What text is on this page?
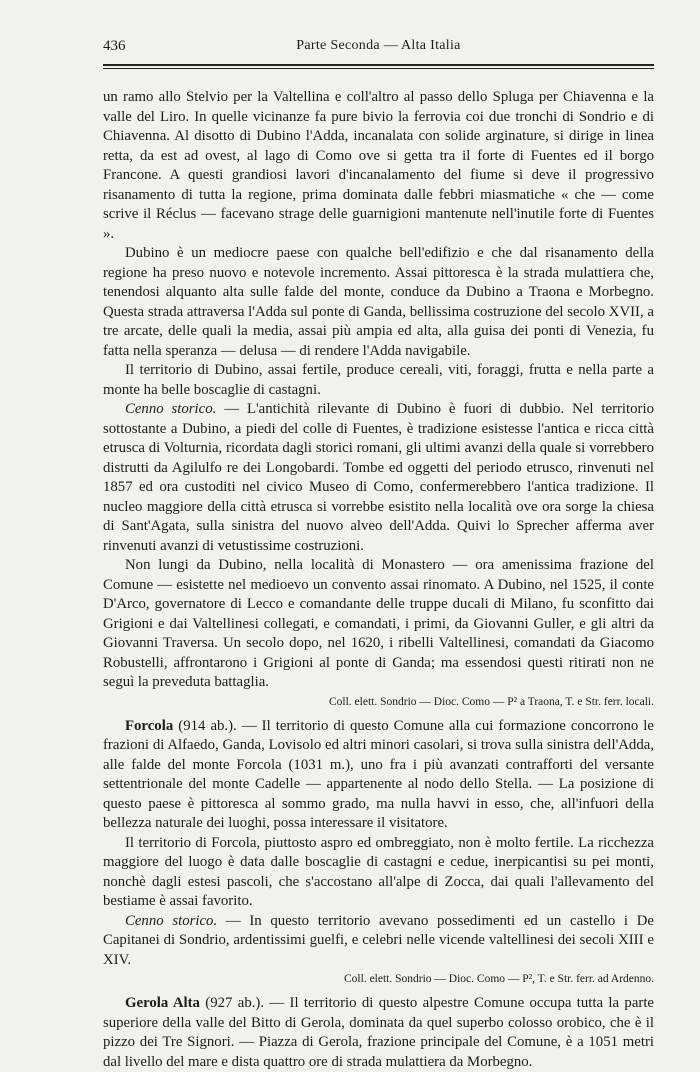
436	Parte Seconda — Alta Italia

un ramo allo Stelvio per la Valtellina e coll'altro al passo dello Spluga per Chiavenna e la valle del Liro. In quelle vicinanze fa pure bivio la ferrovia coi due tronchi di Sondrio e di Chiavenna. Al disotto di Dubino l'Adda, incanalata con solide arginature, si dirige in linea retta, da est ad ovest, al lago di Como ove si getta tra il forte di Fuentes ed il borgo Francone. A questi grandiosi lavori d'incanalamento del fiume si deve il progressivo risanamento di tutta la regione, prima dominata dalle febbri miasmatiche « che — come scrive il Réclus — facevano strage delle guarnigioni mantenute nell'inutile forte di Fuentes ».

Dubino è un mediocre paese con qualche bell'edifizio e che dal risanamento della regione ha preso nuovo e notevole incremento. Assai pittoresca è la strada mulattiera che, tenendosi alquanto alta sulle falde del monte, conduce da Dubino a Traona e Morbegno. Questa strada attraversa l'Adda sul ponte di Ganda, bellissima costruzione del secolo XVII, a tre arcate, delle quali la media, assai più ampia ed alta, alla guisa dei ponti di Venezia, fu fatta nella speranza — delusa — di rendere l'Adda navigabile.

Il territorio di Dubino, assai fertile, produce cereali, viti, foraggi, frutta e nella parte a monte ha belle boscaglie di castagni.

Cenno storico. — L'antichità rilevante di Dubino è fuori di dubbio. Nel territorio sottostante a Dubino, a piedi del colle di Fuentes, è tradizione esistesse l'antica e ricca città etrusca di Volturnia, ricordata dagli storici romani, gli ultimi avanzi della quale si vorrebbero distrutti da Agilulfo re dei Longobardi. Tombe ed oggetti del periodo etrusco, rinvenuti nel 1857 ed ora custoditi nel civico Museo di Como, confermerebbero l'antica tradizione. Il nucleo maggiore della città etrusca si vorrebbe esistito nella località ove ora sorge la chiesa di Sant'Agata, sulla sinistra del nuovo alveo dell'Adda. Quivi lo Sprecher afferma aver rinvenuti avanzi di vetustissime costruzioni.

Non lungi da Dubino, nella località di Monastero — ora amenissima frazione del Comune — esistette nel medioevo un convento assai rinomato. A Dubino, nel 1525, il conte D'Arco, governatore di Lecco e comandante delle truppe ducali di Milano, fu sconfitto dai Grigioni e dai Valtellinesi collegati, e comandati, i primi, da Giovanni Guller, e gli altri da Giovanni Traversa. Un secolo dopo, nel 1620, i ribelli Valtellinesi, comandati da Giacomo Robustelli, affrontarono i Grigioni al ponte di Ganda; ma essendosi questi ritirati non ne seguì la preveduta battaglia.

Coll. elett. Sondrio — Dioc. Como — P² a Traona, T. e Str. ferr. locali.

Forcola (914 ab.). — Il territorio di questo Comune alla cui formazione concorrono le frazioni di Alfaedo, Ganda, Lovisolo ed altri minori casolari, si trova sulla sinistra dell'Adda, alle falde del monte Forcola (1031 m.), uno fra i più avanzati contrafforti del versante settentrionale del monte Cadelle — appartenente al nodo dello Stella. — La posizione di questo paese è pittoresca al sommo grado, ma nulla havvi in esso, che, all'infuori della bellezza naturale dei luoghi, possa interessare il visitatore.

Il territorio di Forcola, piuttosto aspro ed ombreggiato, non è molto fertile. La ricchezza maggiore del luogo è data dalle boscaglie di castagni e cedue, inerpicantisi su pei monti, nonchè dagli estesi pascoli, che s'accostano all'alpe di Zocca, dai quali l'allevamento del bestiame è assai favorito.

Cenno storico. — In questo territorio avevano possedimenti ed un castello i De Capitanei di Sondrio, ardentissimi guelfi, e celebri nelle vicende valtellinesi dei secoli XIII e XIV.

Coll. elett. Sondrio — Dioc. Como — P², T. e Str. ferr. ad Ardenno.

Gerola Alta (927 ab.). — Il territorio di questo alpestre Comune occupa tutta la parte superiore della valle del Bitto di Gerola, dominata da quel superbo colosso orobico, che è il pizzo dei Tre Signori. — Piazza di Gerola, frazione principale del Comune, è a 1051 metri dal livello del mare e dista quattro ore di strada mulattiera da Morbegno.
